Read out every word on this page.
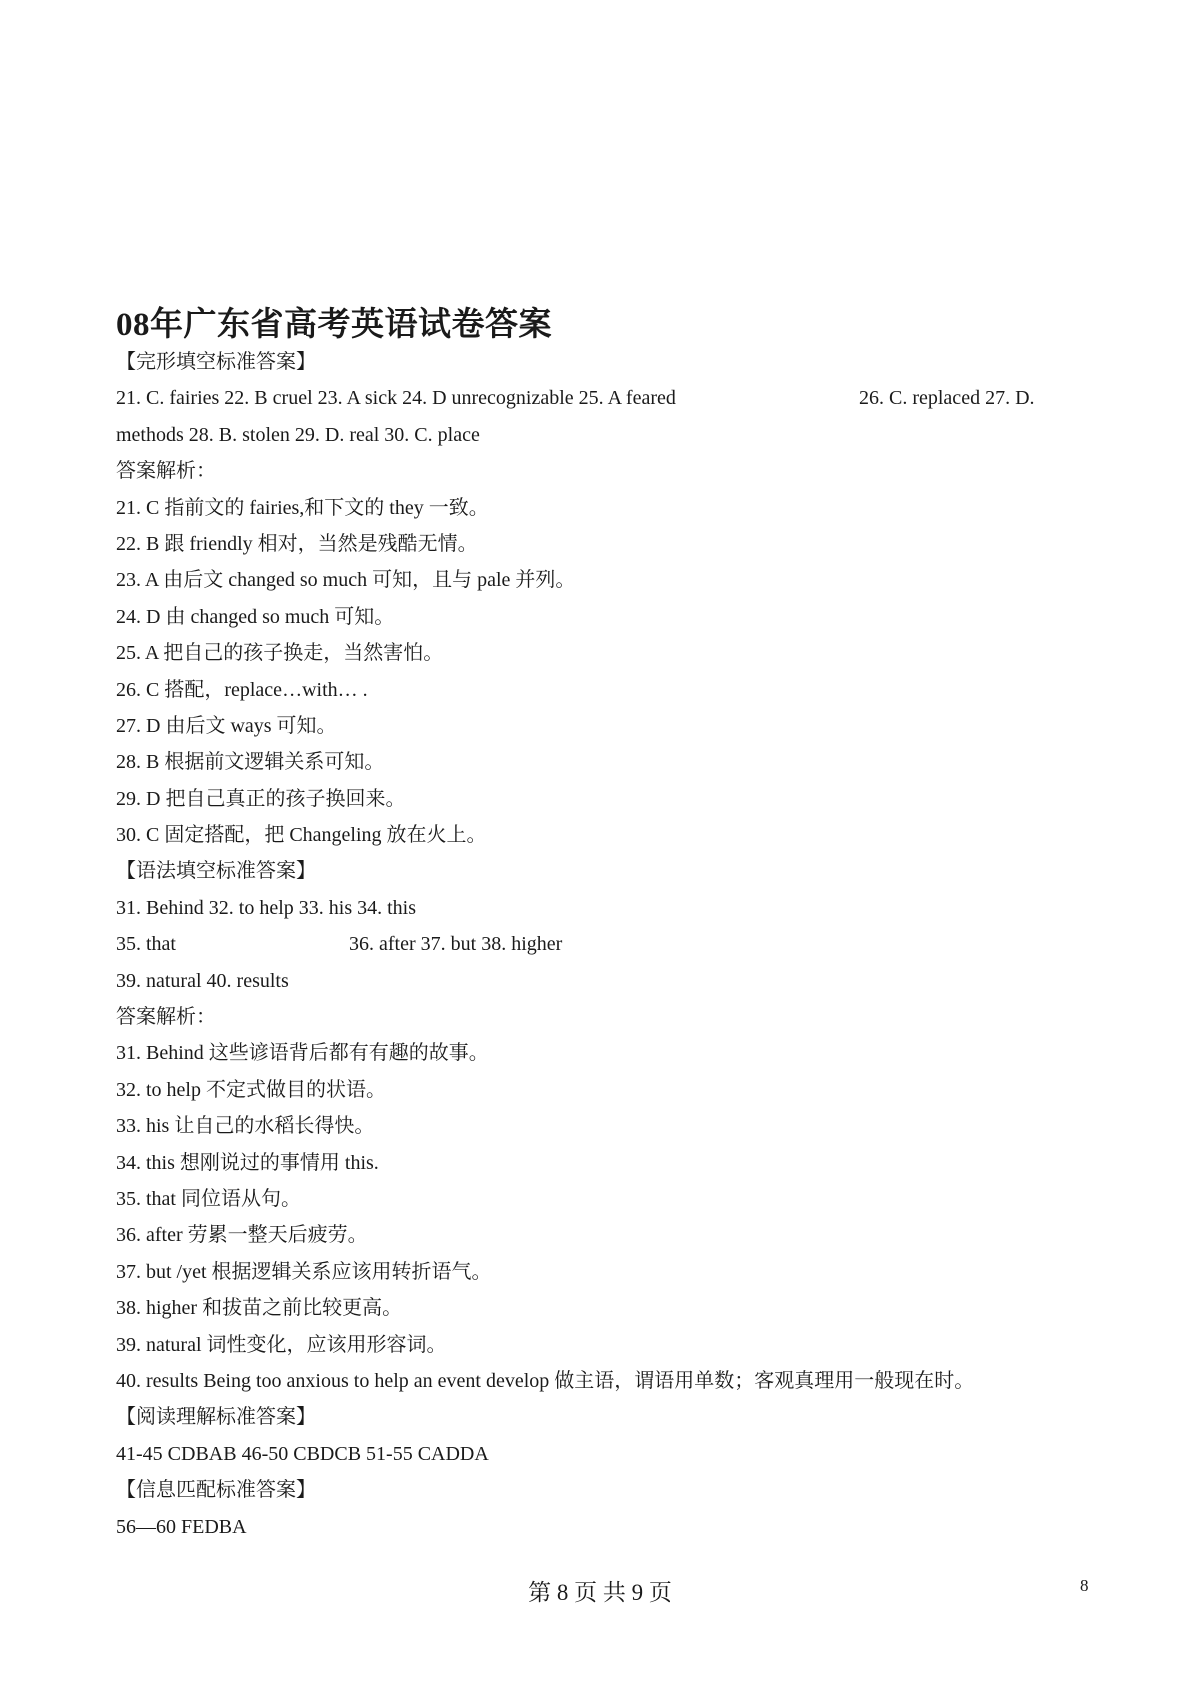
08年广东省高考英语试卷答案
【完形填空标准答案】
21. C. fairies 22. B cruel 23. A sick 24. D unrecognizable 25. A feared	26. C. replaced 27. D.
methods 28. B. stolen 29. D. real 30. C. place
答案解析：
21. C 指前文的 fairies,和下文的 they 一致。
22. B 跟 friendly 相对，当然是残酷无情。
23. A 由后文 changed so much 可知，且与 pale 并列。
24. D 由 changed so much 可知。
25. A 把自己的孩子换走，当然害怕。
26. C 搭配，replace…with… .
27. D 由后文 ways 可知。
28. B 根据前文逻辑关系可知。
29. D 把自己真正的孩子换回来。
30. C 固定搭配，把 Changeling 放在火上。
【语法填空标准答案】
31. Behind 32. to help 33. his 34. this
35. that	36. after 37. but 38. higher
39. natural 40. results
答案解析：
31. Behind 这些谚语背后都有有趣的故事。
32. to help 不定式做目的状语。
33. his 让自己的水稻长得快。
34. this 想刚说过的事情用 this.
35. that 同位语从句。
36. after 劳累一整天后疲劳。
37. but /yet 根据逻辑关系应该用转折语气。
38. higher 和拔苗之前比较更高。
39. natural 词性变化，应该用形容词。
40. results Being too anxious to help an event develop 做主语，谓语用单数；客观真理用一般现在时。
【阅读理解标准答案】
41-45 CDBAB 46-50 CBDCB 51-55 CADDA
【信息匹配标准答案】
56—60 FEDBA
第 8 页 共 9 页	8
